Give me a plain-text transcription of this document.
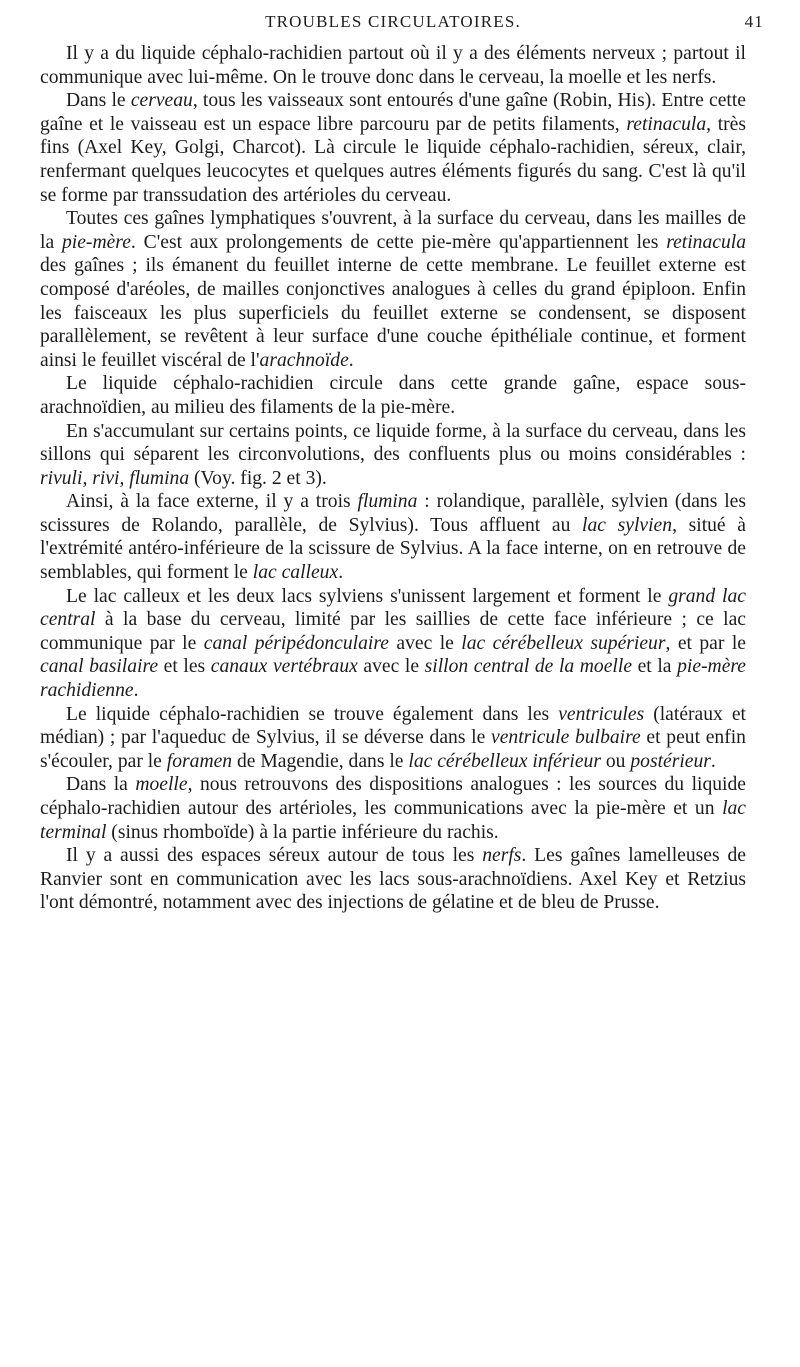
TROUBLES CIRCULATOIRES.	41

Il y a du liquide céphalo-rachidien partout où il y a des éléments nerveux ; partout il communique avec lui-même. On le trouve donc dans le cerveau, la moelle et les nerfs.

Dans le cerveau, tous les vaisseaux sont entourés d'une gaîne (Robin, His). Entre cette gaîne et le vaisseau est un espace libre parcouru par de petits filaments, retinacula, très fins (Axel Key, Golgi, Charcot). Là circule le liquide céphalo-rachidien, séreux, clair, renfermant quelques leucocytes et quelques autres éléments figurés du sang. C'est là qu'il se forme par transsudation des artérioles du cerveau.

Toutes ces gaînes lymphatiques s'ouvrent, à la surface du cerveau, dans les mailles de la pie-mère. C'est aux prolongements de cette pie-mère qu'appartiennent les retinacula des gaînes ; ils émanent du feuillet interne de cette membrane. Le feuillet externe est composé d'aréoles, de mailles conjonctives analogues à celles du grand épiploon. Enfin les faisceaux les plus superficiels du feuillet externe se condensent, se disposent parallèlement, se revêtent à leur surface d'une couche épithéliale continue, et forment ainsi le feuillet viscéral de l'arachnoïde.

Le liquide céphalo-rachidien circule dans cette grande gaîne, espace sous-arachnoïdien, au milieu des filaments de la pie-mère.

En s'accumulant sur certains points, ce liquide forme, à la surface du cerveau, dans les sillons qui séparent les circonvolutions, des confluents plus ou moins considérables : rivuli, rivi, flumina (Voy. fig. 2 et 3).

Ainsi, à la face externe, il y a trois flumina : rolandique, parallèle, sylvien (dans les scissures de Rolando, parallèle, de Sylvius). Tous affluent au lac sylvien, situé à l'extrémité antéro-inférieure de la scissure de Sylvius. A la face interne, on en retrouve de semblables, qui forment le lac calleux.

Le lac calleux et les deux lacs sylviens s'unissent largement et forment le grand lac central à la base du cerveau, limité par les saillies de cette face inférieure ; ce lac communique par le canal péripédonculaire avec le lac cérébelleux supérieur, et par le canal basilaire et les canaux vertébraux avec le sillon central de la moelle et la pie-mère rachidienne.

Le liquide céphalo-rachidien se trouve également dans les ventricules (latéraux et médian) ; par l'aqueduc de Sylvius, il se déverse dans le ventricule bulbaire et peut enfin s'écouler, par le foramen de Magendie, dans le lac cérébelleux inférieur ou postérieur.

Dans la moelle, nous retrouvons des dispositions analogues : les sources du liquide céphalo-rachidien autour des artérioles, les communications avec la pie-mère et un lac terminal (sinus rhomboïde) à la partie inférieure du rachis.

Il y a aussi des espaces séreux autour de tous les nerfs. Les gaînes lamelleuses de Ranvier sont en communication avec les lacs sous-arachnoïdiens. Axel Key et Retzius l'ont démontré, notamment avec des injections de gélatine et de bleu de Prusse.
